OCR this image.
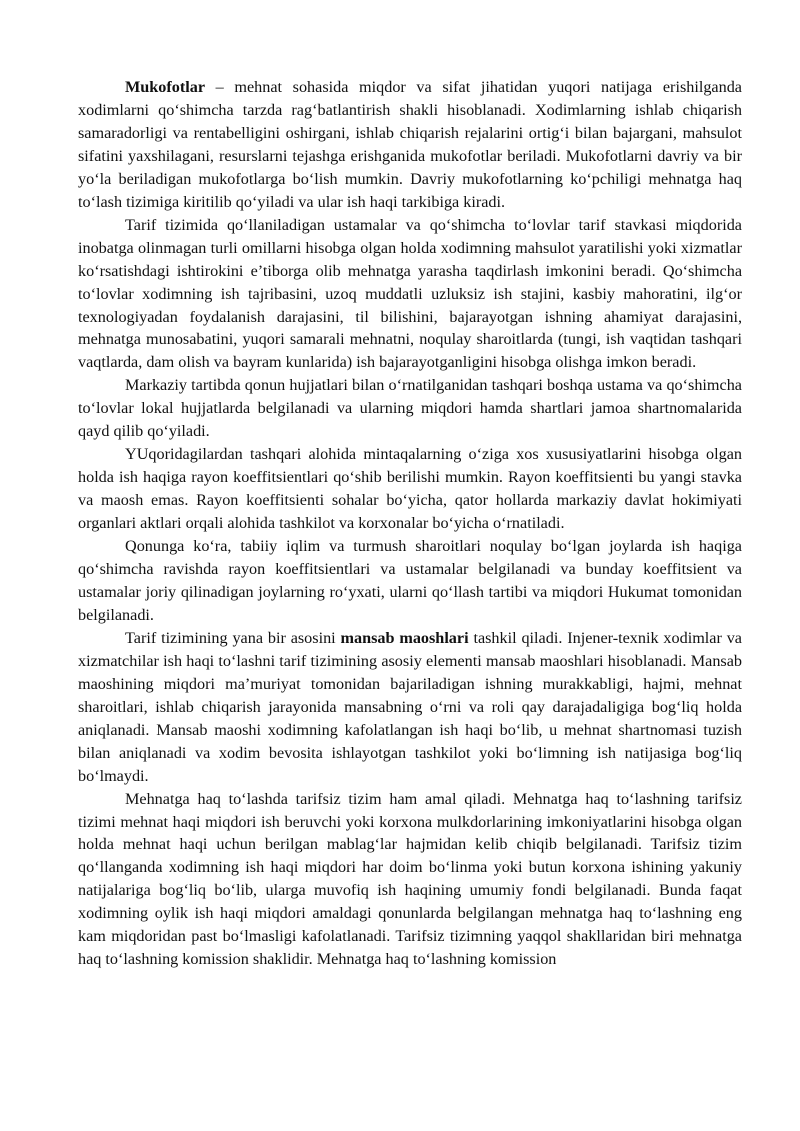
Mukofotlar – mehnat sohasida miqdor va sifat jihatidan yuqori natijaga erishilganda xodimlarni qo‘shimcha tarzda rag‘batlantirish shakli hisoblanadi. Xodimlarning ishlab chiqarish samaradorligi va rentabelligini oshirgani, ishlab chiqarish rejalarini ortig‘i bilan bajargani, mahsulot sifatini yaxshilagani, resurslarni tejashga erishganida mukofotlar beriladi. Mukofotlarni davriy va bir yo‘la beriladigan mukofotlarga bo‘lish mumkin. Davriy mukofotlarning ko‘pchiligi mehnatga haq to‘lash tizimiga kiritilib qo‘yiladi va ular ish haqi tarkibiga kiradi.

Tarif tizimida qo‘llaniladigan ustamalar va qo‘shimcha to‘lovlar tarif stavkasi miqdorida inobatga olinmagan turli omillarni hisobga olgan holda xodimning mahsulot yaratilishi yoki xizmatlar ko‘rsatishdagi ishtirokini e’tiborga olib mehnatga yarasha taqdirlash imkonini beradi. Qo‘shimcha to‘lovlar xodimning ish tajribasini, uzoq muddatli uzluksiz ish stajini, kasbiy mahoratini, ilg‘or texnologiyadan foydalanish darajasini, til bilishini, bajarayotgan ishning ahamiyat darajasini, mehnatga munosabatini, yuqori samarali mehnatni, noqulay sharoitlarda (tungi, ish vaqtidan tashqari vaqtlarda, dam olish va bayram kunlarida) ish bajarayotganligini hisobga olishga imkon beradi.

Markaziy tartibda qonun hujjatlari bilan o‘rnatilganidan tashqari boshqa ustama va qo‘shimcha to‘lovlar lokal hujjatlarda belgilanadi va ularning miqdori hamda shartlari jamoa shartnomalarida qayd qilib qo‘yiladi.

YUqoridagilardan tashqari alohida mintaqalarning o‘ziga xos xususiyatlarini hisobga olgan holda ish haqiga rayon koeffitsientlari qo‘shib berilishi mumkin. Rayon koeffitsienti bu yangi stavka va maosh emas. Rayon koeffitsienti sohalar bo‘yicha, qator hollarda markaziy davlat hokimiyati organlari aktlari orqali alohida tashkilot va korxonalar bo‘yicha o‘rnatiladi.

Qonunga ko‘ra, tabiiy iqlim va turmush sharoitlari noqulay bo‘lgan joylarda ish haqiga qo‘shimcha ravishda rayon koeffitsientlari va ustamalar belgilanadi va bunday koeffitsient va ustamalar joriy qilinadigan joylarning ro‘yxati, ularni qo‘llash tartibi va miqdori Hukumat tomonidan belgilanadi.

Tarif tizimining yana bir asosini mansab maoshlari tashkil qiladi. Injener-texnik xodimlar va xizmatchilar ish haqi to‘lashni tarif tizimining asosiy elementi mansab maoshlari hisoblanadi. Mansab maoshining miqdori ma’muriyat tomonidan bajariladigan ishning murakkabligi, hajmi, mehnat sharoitlari, ishlab chiqarish jarayonida mansabning o‘rni va roli qay darajadaligiga bog‘liq holda aniqlanadi. Mansab maoshi xodimning kafolatlangan ish haqi bo‘lib, u mehnat shartnomasi tuzish bilan aniqlanadi va xodim bevosita ishlayotgan tashkilot yoki bo‘limning ish natijasiga bog‘liq bo‘lmaydi.

Mehnatga haq to‘lashda tarifsiz tizim ham amal qiladi. Mehnatga haq to‘lashning tarifsiz tizimi mehnat haqi miqdori ish beruvchi yoki korxona mulkdorlarining imkoniyatlarini hisobga olgan holda mehnat haqi uchun berilgan mablag‘lar hajmidan kelib chiqib belgilanadi. Tarifsiz tizim qo‘llanganda xodimning ish haqi miqdori har doim bo‘linma yoki butun korxona ishining yakuniy natijalariga bog‘liq bo‘lib, ularga muvofiq ish haqining umumiy fondi belgilanadi. Bunda faqat xodimning oylik ish haqi miqdori amaldagi qonunlarda belgilangan mehnatga haq to‘lashning eng kam miqdoridan past bo‘lmasligi kafolatlanadi. Tarifsiz tizimning yaqqol shakllaridan biri mehnatga haq to‘lashning komission shaklidir. Mehnatga haq to‘lashning komission
